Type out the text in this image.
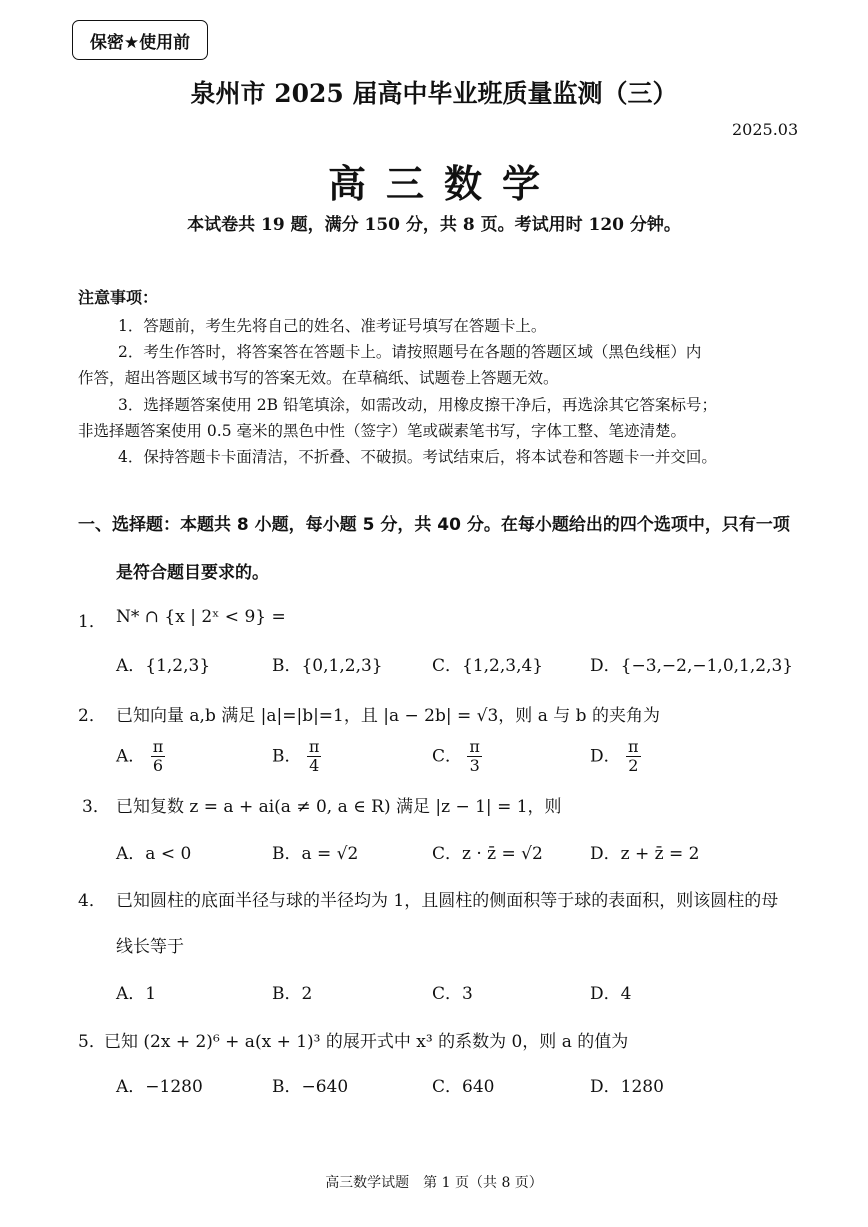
保密★使用前
泉州市 2025 届高中毕业班质量监测（三）
2025.03
高三数学
本试卷共 19 题，满分 150 分，共 8 页。考试用时 120 分钟。
注意事项：
1．答题前，考生先将自己的姓名、准考证号填写在答题卡上。
2．考生作答时，将答案答在答题卡上。请按照题号在各题的答题区域（黑色线框）内
作答，超出答题区域书写的答案无效。在草稿纸、试题卷上答题无效。
3．选择题答案使用 2B 铅笔填涂，如需改动，用橡皮擦干净后，再选涂其它答案标号；
非选择题答案使用 0.5 毫米的黑色中性（签字）笔或碳素笔书写，字体工整、笔迹清楚。
4．保持答题卡卡面清洁，不折叠、不破损。考试结束后，将本试卷和答题卡一并交回。
一、选择题：本题共 8 小题，每小题 5 分，共 40 分。在每小题给出的四个选项中，只有一项
是符合题目要求的。
1． N* ∩ {x | 2ˣ < 9} =
A．{1,2,3}	B．{0,1,2,3}	C．{1,2,3,4}	D．{−3,−2,−1,0,1,2,3}
2． 已知向量 a,b 满足 |a|=|b|=1，且 |a − 2b| = √3，则 a 与 b 的夹角为
A． $\frac{\pi}{6}$	B． $\frac{\pi}{4}$	C． $\frac{\pi}{3}$	D． $\frac{\pi}{2}$
3． 已知复数 z = a + ai(a ≠ 0, a ∈ R) 满足 |z − 1| = 1，则
A．a < 0	B．a = √2	C．z · z̄ = √2	D．z + z̄ = 2
4． 已知圆柱的底面半径与球的半径均为 1，且圆柱的侧面积等于球的表面积，则该圆柱的母
线长等于
A．1	B．2	C．3	D．4
5．
已知 (2x + 2)⁶ + a(x + 1)³ 的展开式中 x³ 的系数为 0，则 a 的值为
A．−1280	B．−640	C．640	D．1280
高三数学试题　第 1 页（共 8 页）
